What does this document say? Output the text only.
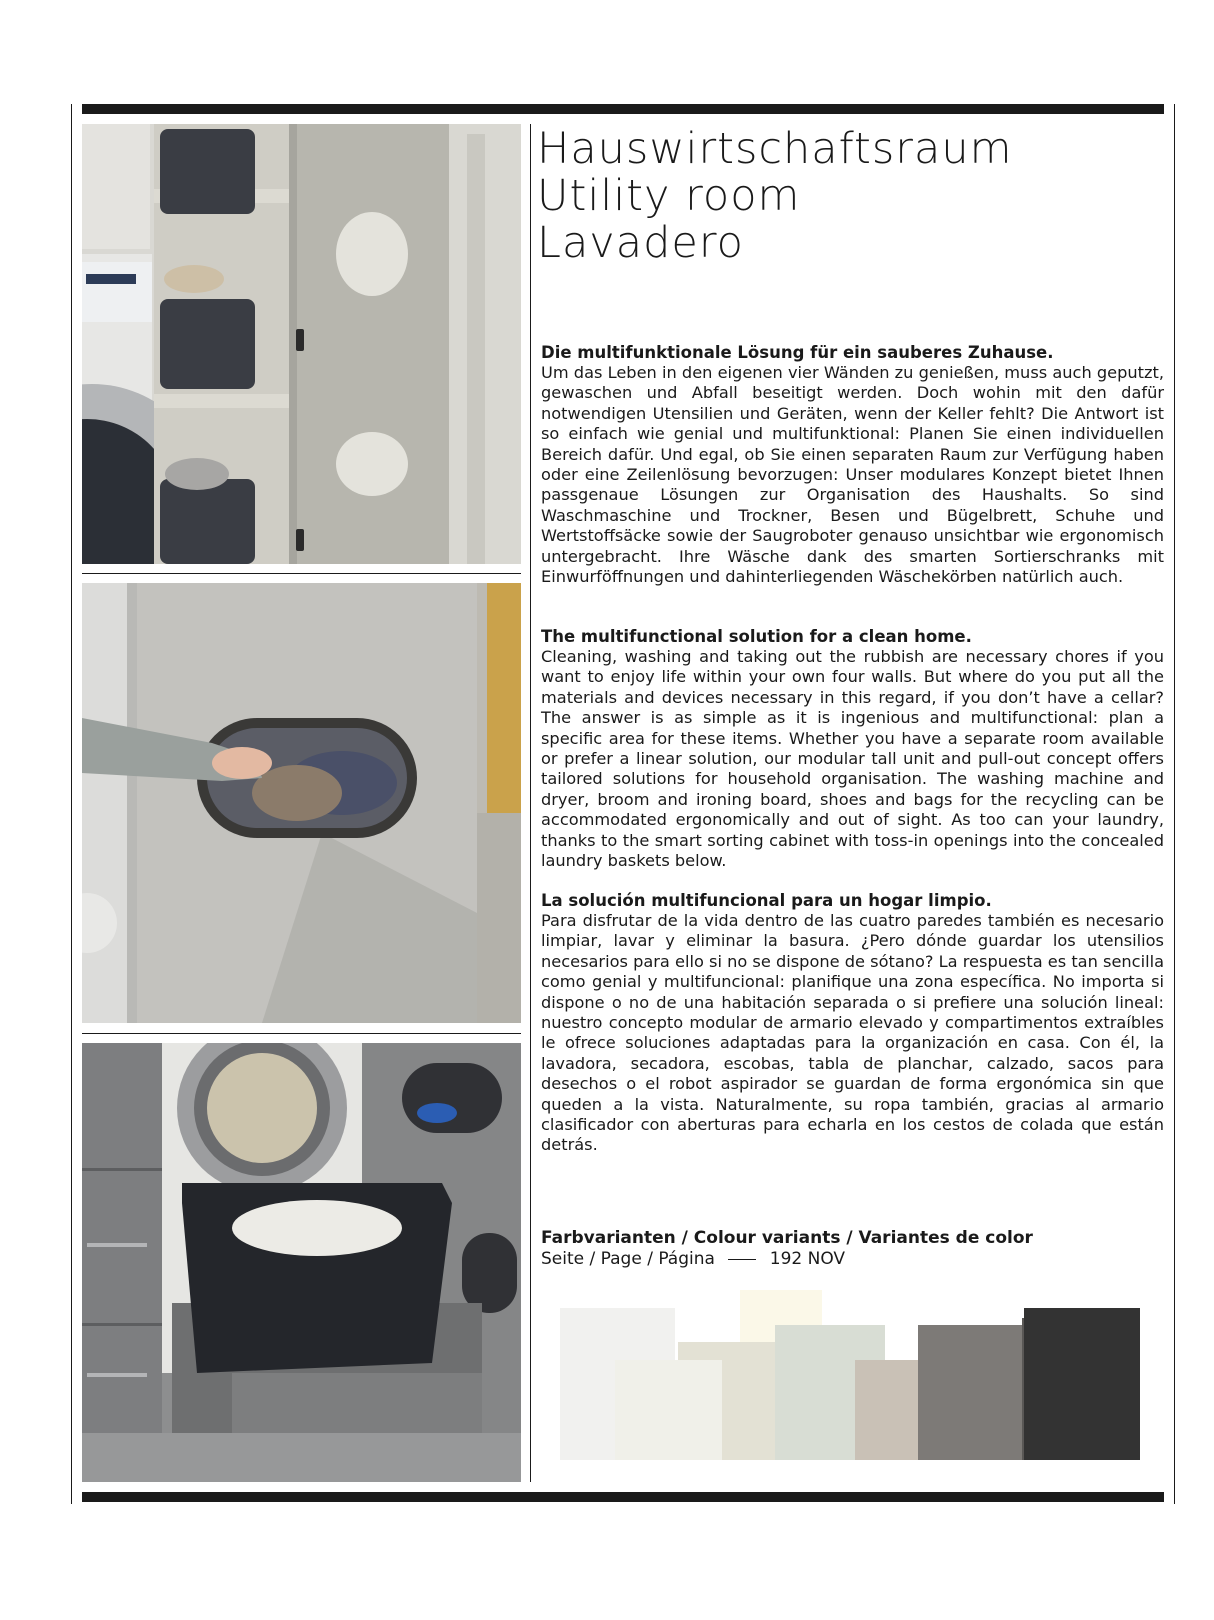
Hauswirtschaftsraum
Utility room
Lavadero

Die multifunktionale Lösung für ein sauberes Zuhause.

Um das Leben in den eigenen vier Wänden zu genießen, muss auch geputzt, gewaschen und Abfall beseitigt werden. Doch wohin mit den dafür notwendigen Utensilien und Geräten, wenn der Keller fehlt? Die Antwort ist so einfach wie genial und multifunktional: Planen Sie einen individuellen Bereich dafür. Und egal, ob Sie einen separaten Raum zur Verfügung haben oder eine Zeilenlösung bevorzugen: Unser modulares Konzept bietet Ihnen passgenaue Lösungen zur Organisation des Haushalts. So sind Waschmaschine und Trockner, Besen und Bügelbrett, Schuhe und Wertstoffsäcke sowie der Saugroboter genauso unsichtbar wie ergonomisch untergebracht. Ihre Wäsche dank des smarten Sortierschranks mit Einwurföffnungen und dahinterliegenden Wäschekörben natürlich auch.

The multifunctional solution for a clean home.

Cleaning, washing and taking out the rubbish are necessary chores if you want to enjoy life within your own four walls. But where do you put all the materials and devices necessary in this regard, if you don’t have a cellar? The answer is as simple as it is ingenious and multifunctional: plan a specific area for these items. Whether you have a separate room available or prefer a linear solution, our modular tall unit and pull-out concept offers tailored solutions for household organisation. The washing machine and dryer, broom and ironing board, shoes and bags for the recycling can be accommodated ergonomically and out of sight. As too can your laundry, thanks to the smart sorting cabinet with toss-in openings into the concealed laundry baskets below.

La solución multifuncional para un hogar limpio.

Para disfrutar de la vida dentro de las cuatro paredes también es necesario limpiar, lavar y eliminar la basura. ¿Pero dónde guardar los utensilios necesarios para ello si no se dispone de sótano? La respuesta es tan sencilla como genial y multifuncional: planifique una zona específica. No importa si dispone o no de una habitación separada o si prefiere una solución lineal: nuestro concepto modular de armario elevado y compartimentos extraíbles le ofrece soluciones adaptadas para la organización en casa. Con él, la lavadora, secadora, escobas, tabla de planchar, calzado, sacos para desechos o el robot aspirador se guardan de forma ergonómica sin que queden a la vista. Naturalmente, su ropa también, gracias al armario clasificador con aberturas para echarla en los cestos de colada que están detrás.

Farbvarianten / Colour variants / Variantes de color

Seite / Page / Página	192 NOV
